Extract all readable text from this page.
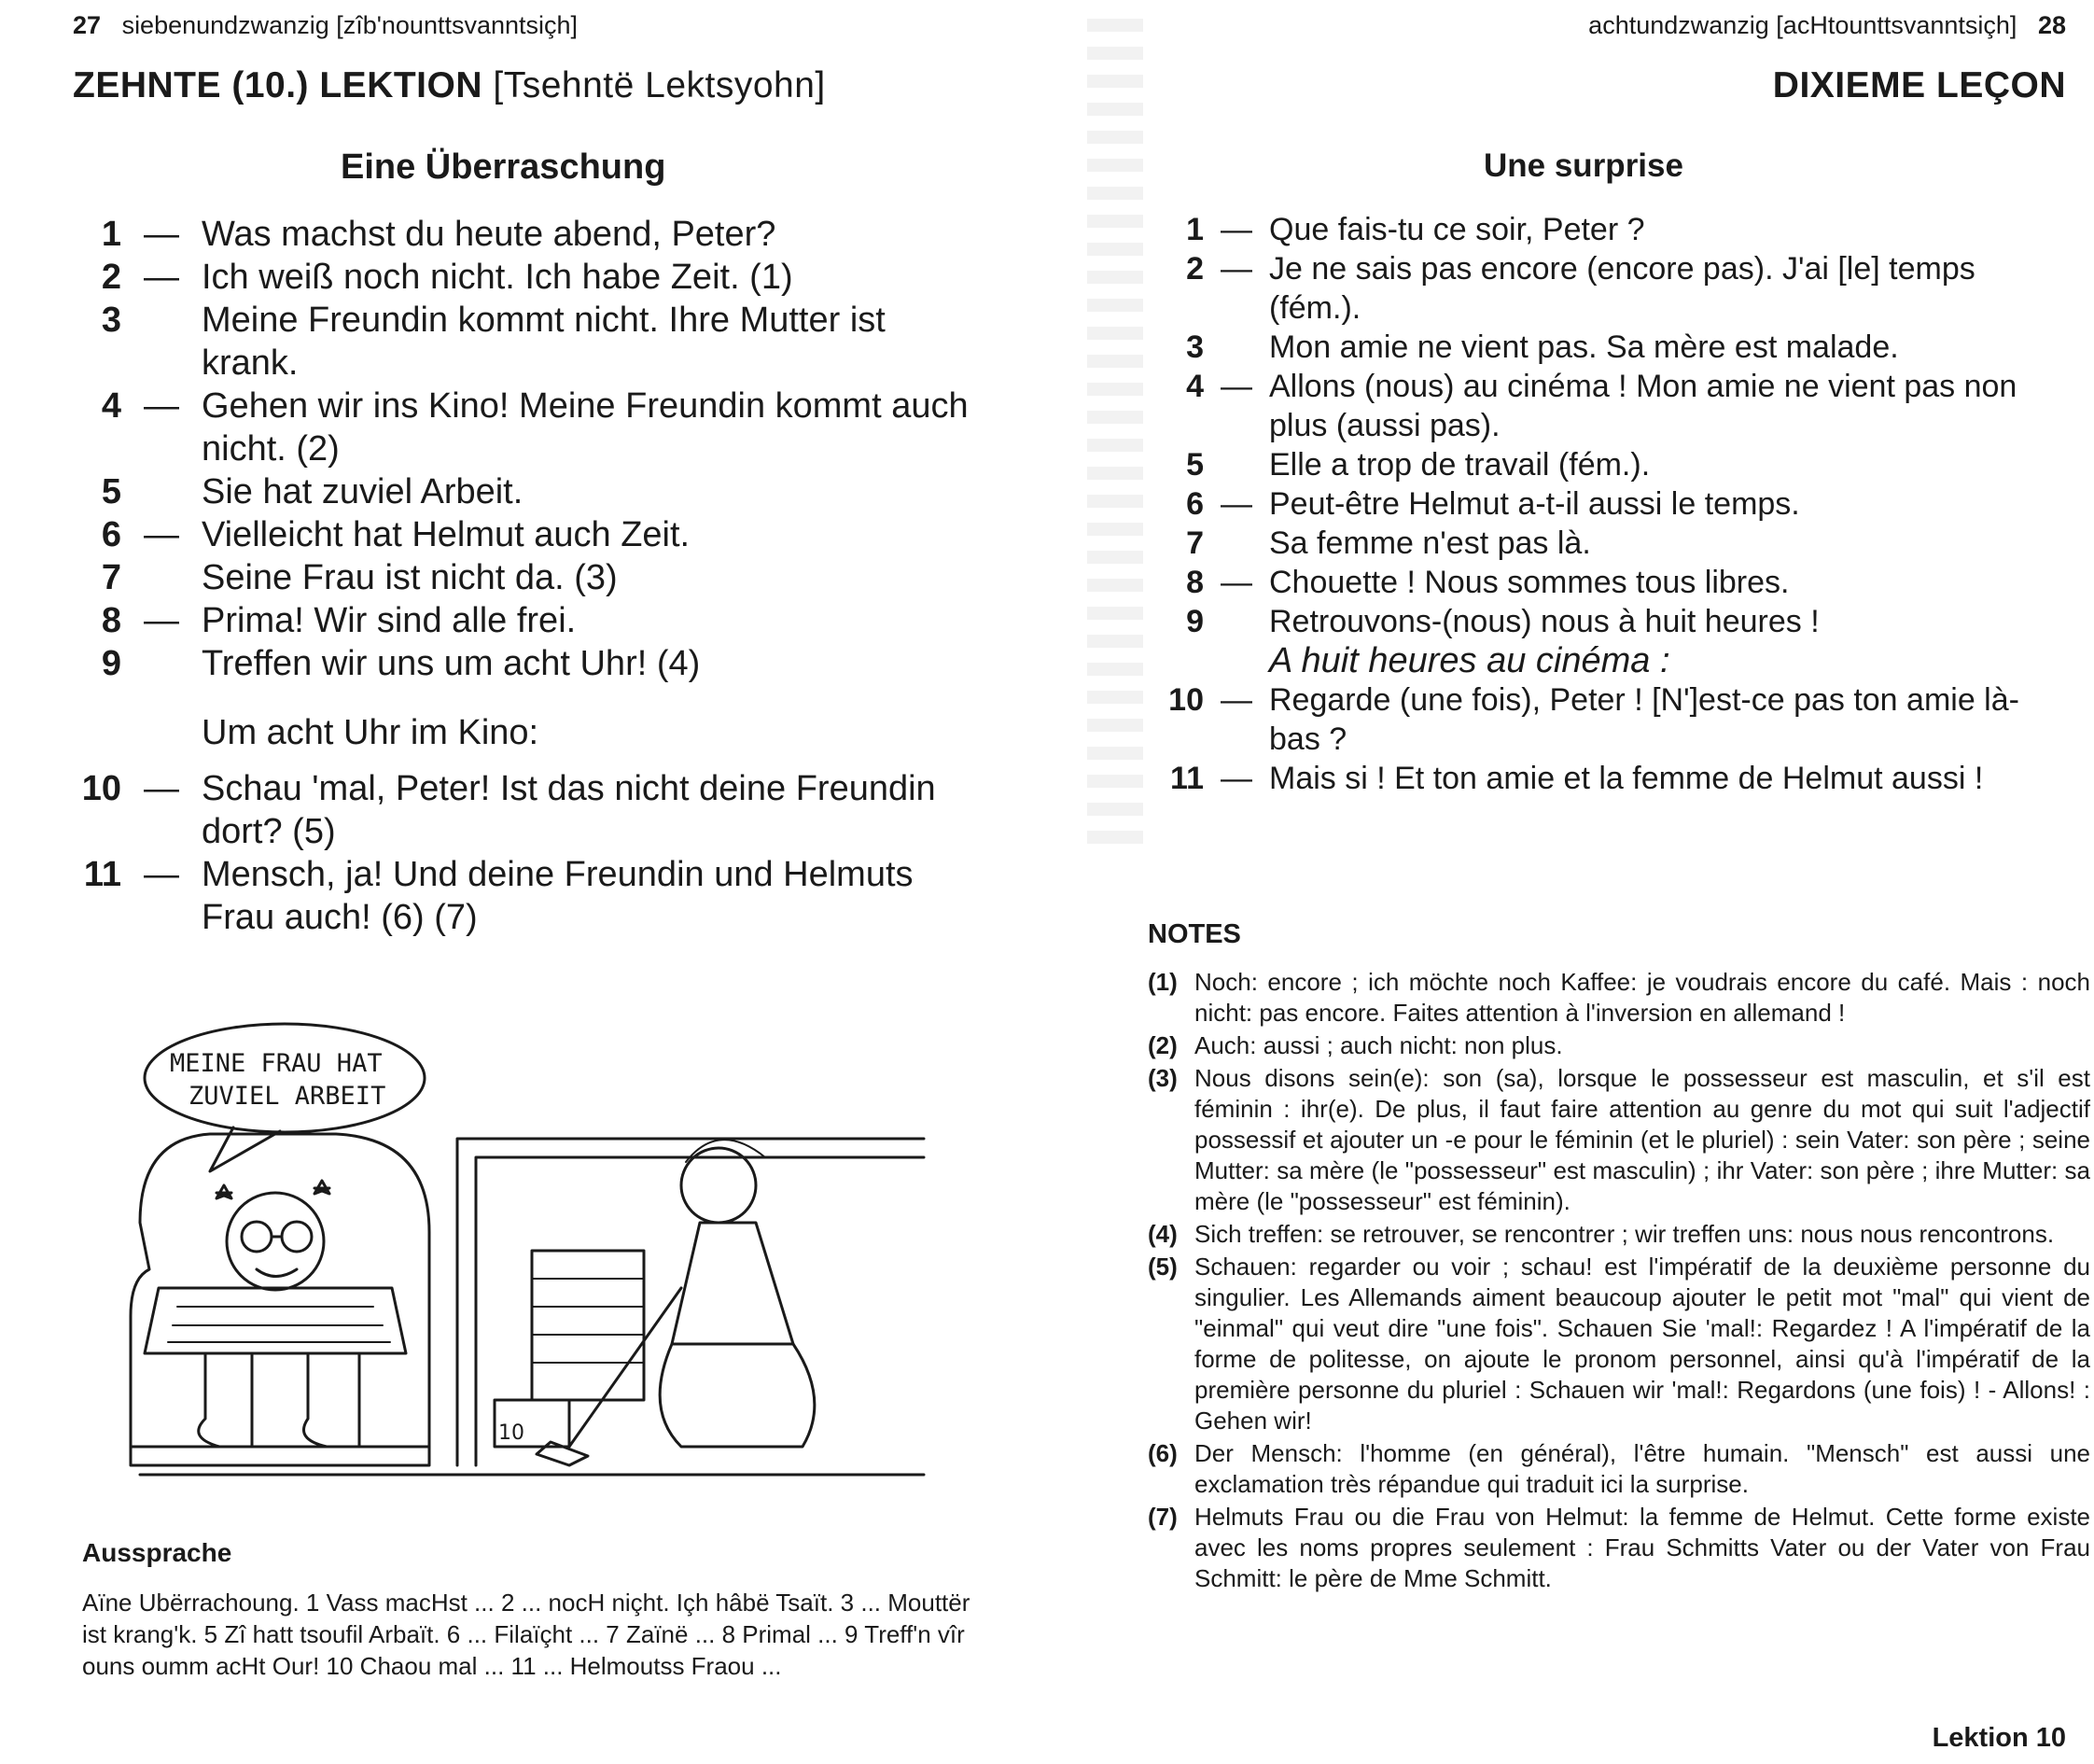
27 siebenundzwanzig [zîb'nounttsvanntsiçh]
ZEHNTE (10.) LEKTION [Tsehntë Lektsyohn]
Eine Überraschung
1 — Was machst du heute abend, Peter?
2 — Ich weiß noch nicht. Ich habe Zeit. (1)
3 Meine Freundin kommt nicht. Ihre Mutter ist krank.
4 — Gehen wir ins Kino! Meine Freundin kommt auch nicht. (2)
5 Sie hat zuviel Arbeit.
6 — Vielleicht hat Helmut auch Zeit.
7 Seine Frau ist nicht da. (3)
8 — Prima! Wir sind alle frei.
9 Treffen wir uns um acht Uhr! (4)
Um acht Uhr im Kino:
10 — Schau 'mal, Peter! Ist das nicht deine Freundin dort? (5)
11 — Mensch, ja! Und deine Freundin und Helmuts Frau auch! (6) (7)
MEINE FRAU HAT
ZUVIEL ARBEIT
10
Aussprache

Aïne Ubërrachoung. 1 Vass macHst ... 2 ... nocH niçht. Içh hâbë Tsaït. 3 ... Mouttër ist krang'k. 5 Zî hatt tsoufil Arbaït. 6 ... Filaïçht ... 7 Zaïnë ... 8 Primal ... 9 Treff'n vîr ouns oumm acHt Our! 10 Chaou mal ... 11 ... Helmoutss Fraou ...

achtundzwanzig [acHtounttsvanntsiçh] 28
DIXIEME LEÇON
Une surprise
1 — Que fais-tu ce soir, Peter ?
2 — Je ne sais pas encore (encore pas). J'ai [le] temps (fém.).
3 Mon amie ne vient pas. Sa mère est malade.
4 — Allons (nous) au cinéma ! Mon amie ne vient pas non plus (aussi pas).
5 Elle a trop de travail (fém.).
6 — Peut-être Helmut a-t-il aussi le temps.
7 Sa femme n'est pas là.
8 — Chouette ! Nous sommes tous libres.
9 Retrouvons-(nous) nous à huit heures !
A huit heures au cinéma :
10 — Regarde (une fois), Peter ! [N']est-ce pas ton amie là-bas ?
11 — Mais si ! Et ton amie et la femme de Helmut aussi !
NOTES
(1) Noch: encore ; ich möchte noch Kaffee: je voudrais encore du café. Mais : noch nicht: pas encore. Faites attention à l'inversion en allemand !
(2) Auch: aussi ; auch nicht: non plus.
(3) Nous disons sein(e): son (sa), lorsque le possesseur est masculin, et s'il est féminin : ihr(e). De plus, il faut faire attention au genre du mot qui suit l'adjectif possessif et ajouter un -e pour le féminin (et le pluriel) : sein Vater: son père ; seine Mutter: sa mère (le "possesseur" est masculin) ; ihr Vater: son père ; ihre Mutter: sa mère (le "possesseur" est féminin).
(4) Sich treffen: se retrouver, se rencontrer ; wir treffen uns: nous nous rencontrons.
(5) Schauen: regarder ou voir ; schau! est l'impératif de la deuxième personne du singulier. Les Allemands aiment beaucoup ajouter le petit mot "mal" qui vient de "einmal" qui veut dire "une fois". Schauen Sie 'mal!: Regardez ! A l'impératif de la forme de politesse, on ajoute le pronom personnel, ainsi qu'à l'impératif de la première personne du pluriel : Schauen wir 'mal!: Regardons (une fois) ! - Allons! : Gehen wir!
(6) Der Mensch: l'homme (en général), l'être humain. "Mensch" est aussi une exclamation très répandue qui traduit ici la surprise.
(7) Helmuts Frau ou die Frau von Helmut: la femme de Helmut. Cette forme existe avec les noms propres seulement : Frau Schmitts Vater ou der Vater von Frau Schmitt: le père de Mme Schmitt.
Lektion 10
